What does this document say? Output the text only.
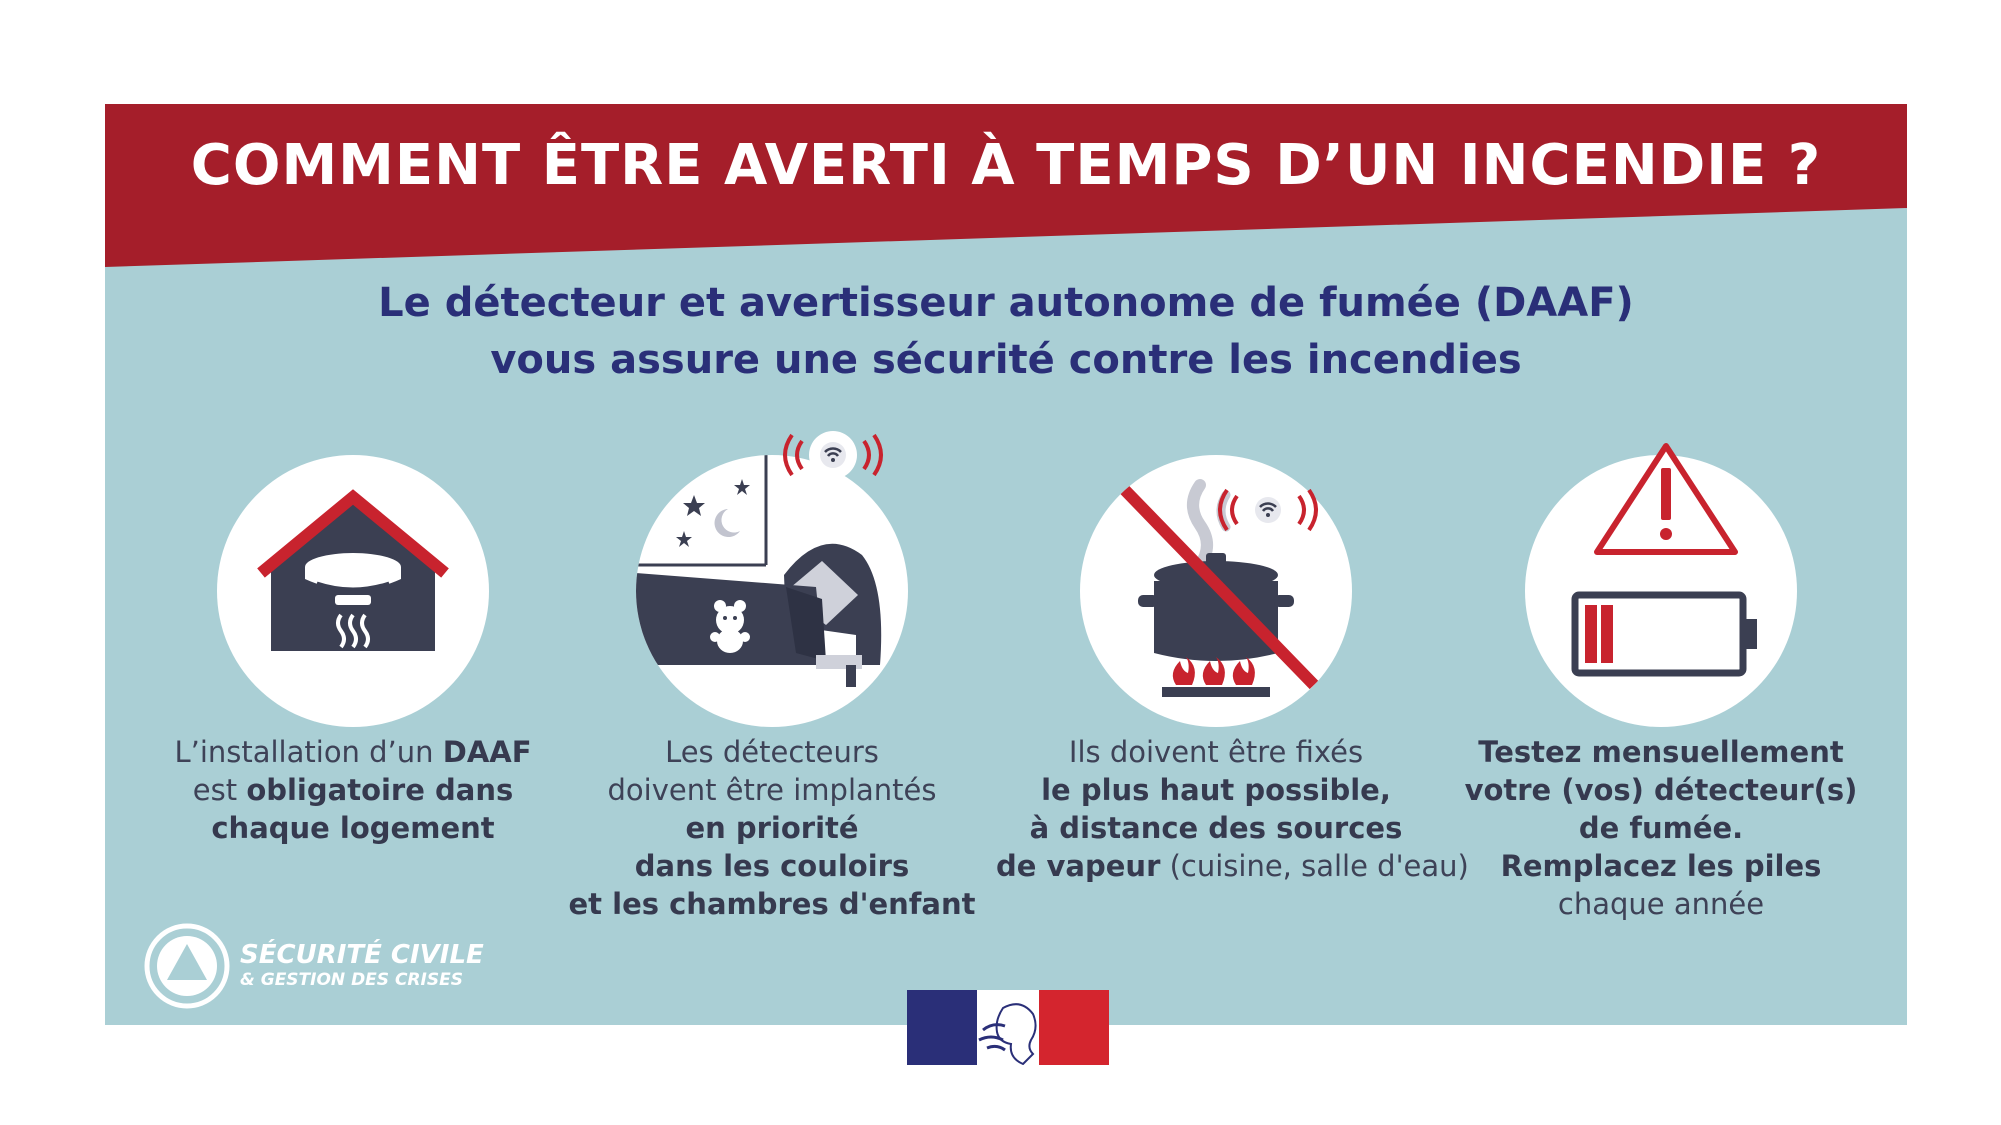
COMMENT ÊTRE AVERTI À TEMPS D’UN INCENDIE ?
Le détecteur et avertisseur autonome de fumée (DAAF)
vous assure une sécurité contre les incendies
L’installation d’un DAAF
est obligatoire dans
chaque logement
Les détecteurs
doivent être implantés
en priorité
dans les couloirs
et les chambres d'enfant
Ils doivent être fixés
le plus haut possible,
à distance des sources
de vapeur (cuisine, salle d'eau)
Testez mensuellement
votre (vos) détecteur(s)
de fumée.
Remplacez les piles
chaque année
SÉCURITÉ CIVILE
& GESTION DES CRISES
